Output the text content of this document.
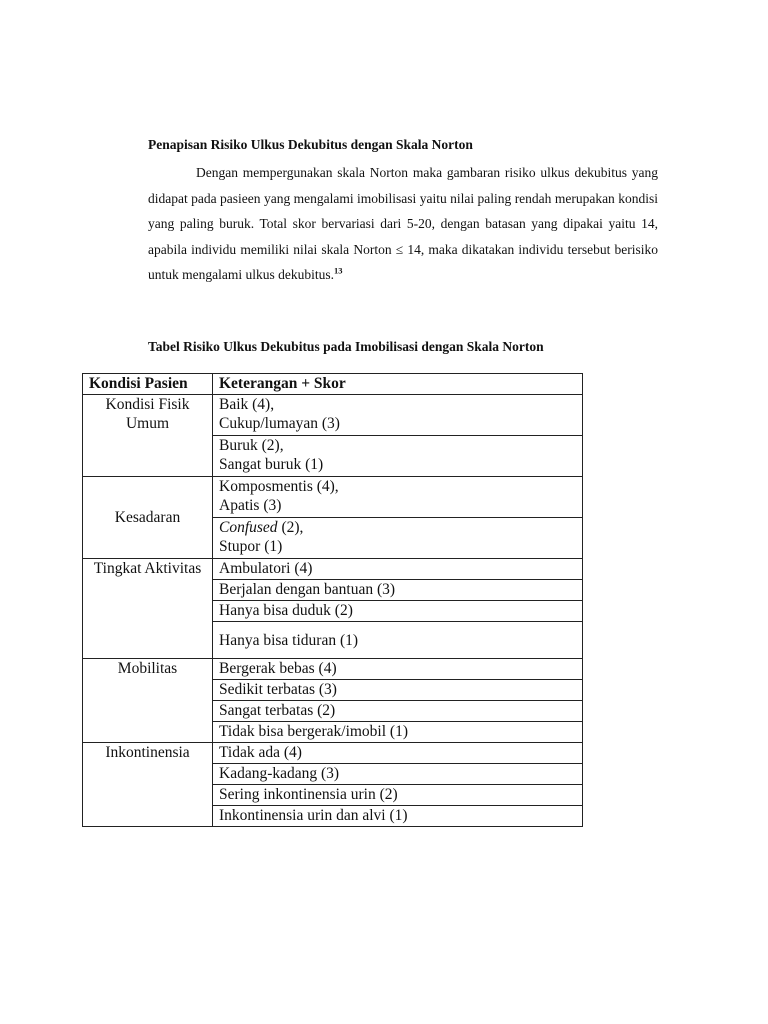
Penapisan Risiko Ulkus Dekubitus dengan Skala Norton

Dengan mempergunakan skala Norton maka gambaran risiko ulkus dekubitus yang didapat pada pasieen yang mengalami imobilisasi yaitu nilai paling rendah merupakan kondisi yang paling buruk. Total skor bervariasi dari 5-20, dengan batasan yang dipakai yaitu 14, apabila individu memiliki nilai skala Norton ≤ 14, maka dikatakan individu tersebut berisiko untuk mengalami ulkus dekubitus.$^{13}$

Tabel Risiko Ulkus Dekubitus pada Imobilisasi dengan Skala Norton
Kondisi Pasien	Keterangan + Skor
Kondisi Fisik Umum	Baik (4),
Cukup/lumayan (3)

	Buruk (2),
Sangat buruk (1)

Kesadaran	Komposmentis (4),
Apatis (3)

	Confused (2),
Stupor (1)

Tingkat Aktivitas	Ambulatori (4)
	Berjalan dengan bantuan (3)
	Hanya bisa duduk (2)
	Hanya bisa tiduran (1)
Mobilitas	Bergerak bebas (4)
	Sedikit terbatas (3)
	Sangat terbatas (2)
	Tidak bisa bergerak/imobil (1)
Inkontinensia	Tidak ada (4)
	Kadang-kadang (3)
	Sering inkontinensia urin (2)
	Inkontinensia urin dan alvi (1)
